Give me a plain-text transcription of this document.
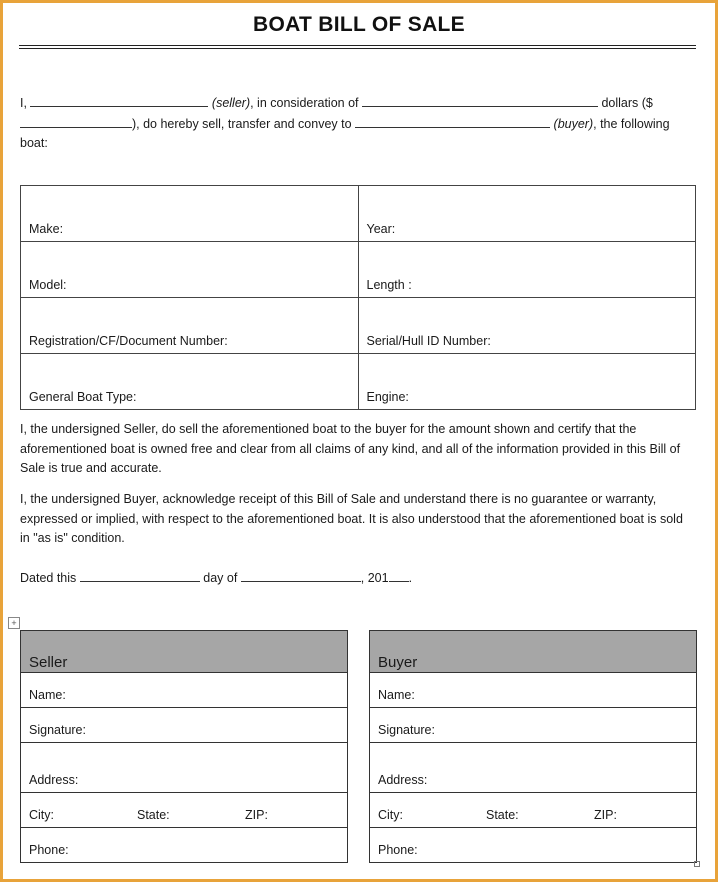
BOAT BILL OF SALE
I,	(seller), in consideration of	dollars ($
), do hereby sell, transfer and convey to	(buyer), the following boat:
Make:	Year:
Model:	Length :
Registration/CF/Document Number:	Serial/Hull ID Number:
General Boat Type:	Engine:
I, the undersigned Seller, do sell the aforementioned boat to the buyer for the amount shown and certify that the aforementioned boat is owned free and clear from all claims of any kind, and all of the information provided in this Bill of Sale is true and accurate.
I, the undersigned Buyer, acknowledge receipt of this Bill of Sale and understand there is no guarantee or warranty, expressed or implied, with respect to the aforementioned boat. It is also understood that the aforementioned boat is sold in "as is" condition.
Dated this	day of	, 201 .
+
Seller
Name:
Signature:
Address:
City:	State:	ZIP:
Phone:
Buyer
Name:
Signature:
Address:
City:	State:	ZIP:
Phone:
